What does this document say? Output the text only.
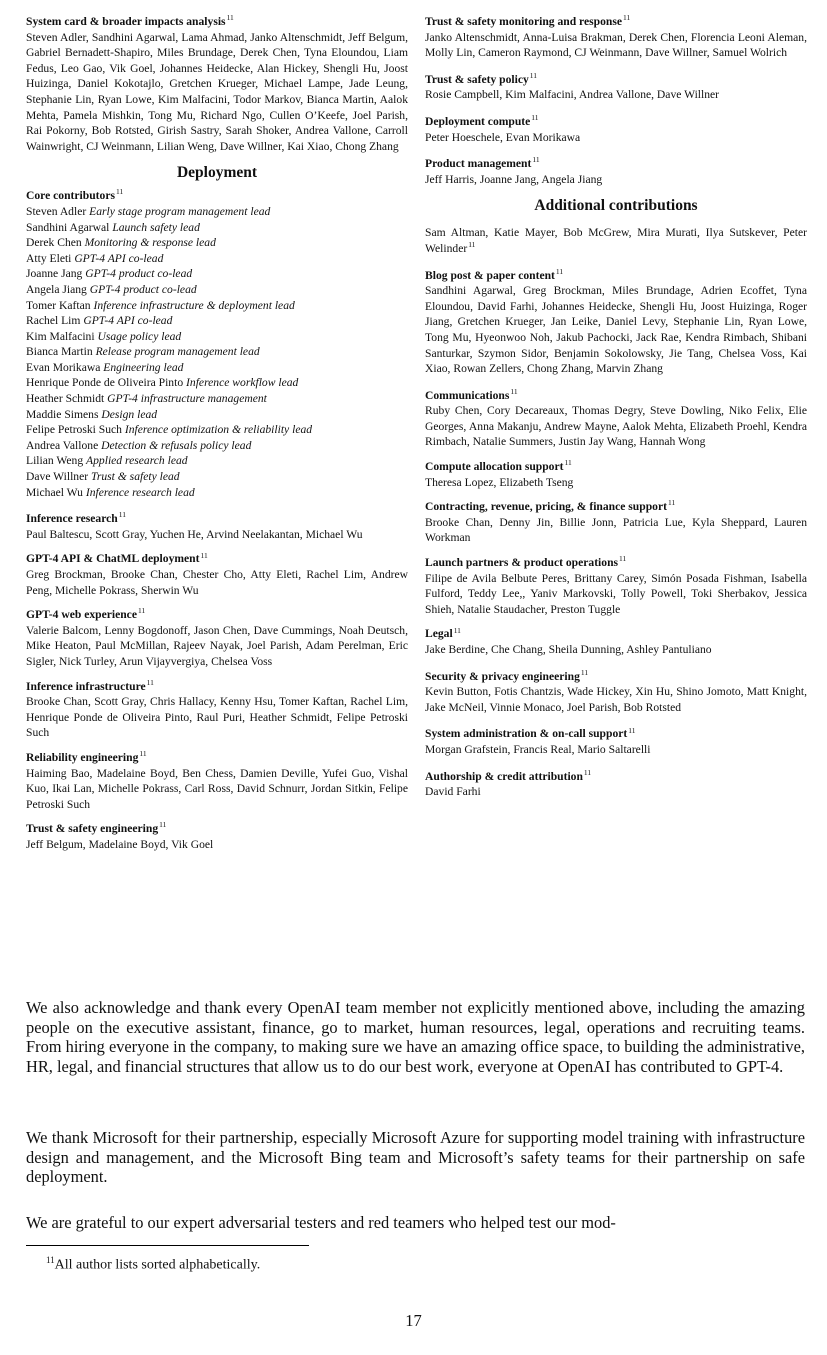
System card & broader impacts analysis$^{11}$
Steven Adler, Sandhini Agarwal, Lama Ahmad, Janko Altenschmidt, Jeff Belgum, Gabriel Bernadett-Shapiro, Miles Brundage, Derek Chen, Tyna Eloundou, Liam Fedus, Leo Gao, Vik Goel, Johannes Heidecke, Alan Hickey, Shengli Hu, Joost Huizinga, Daniel Kokotajlo, Gretchen Krueger, Michael Lampe, Jade Leung, Stephanie Lin, Ryan Lowe, Kim Malfacini, Todor Markov, Bianca Martin, Aalok Mehta, Pamela Mishkin, Tong Mu, Richard Ngo, Cullen O’Keefe, Joel Parish, Rai Pokorny, Bob Rotsted, Girish Sastry, Sarah Shoker, Andrea Vallone, Carroll Wainwright, CJ Weinmann, Lilian Weng, Dave Willner, Kai Xiao, Chong Zhang
Deployment
Core contributors$^{11}$
Steven Adler Early stage program management lead
Sandhini Agarwal Launch safety lead
Derek Chen Monitoring & response lead
Atty Eleti GPT-4 API co-lead
Joanne Jang GPT-4 product co-lead
Angela Jiang GPT-4 product co-lead
Tomer Kaftan Inference infrastructure & deployment lead
Rachel Lim GPT-4 API co-lead
Kim Malfacini Usage policy lead
Bianca Martin Release program management lead
Evan Morikawa Engineering lead
Henrique Ponde de Oliveira Pinto Inference workflow lead
Heather Schmidt GPT-4 infrastructure management
Maddie Simens Design lead
Felipe Petroski Such Inference optimization & reliability lead
Andrea Vallone Detection & refusals policy lead
Lilian Weng Applied research lead
Dave Willner Trust & safety lead
Michael Wu Inference research lead
Inference research$^{11}$
Paul Baltescu, Scott Gray, Yuchen He, Arvind Neelakantan, Michael Wu
GPT-4 API & ChatML deployment$^{11}$
Greg Brockman, Brooke Chan, Chester Cho, Atty Eleti, Rachel Lim, Andrew Peng, Michelle Pokrass, Sherwin Wu
GPT-4 web experience$^{11}$
Valerie Balcom, Lenny Bogdonoff, Jason Chen, Dave Cummings, Noah Deutsch, Mike Heaton, Paul McMillan, Rajeev Nayak, Joel Parish, Adam Perelman, Eric Sigler, Nick Turley, Arun Vijayvergiya, Chelsea Voss
Inference infrastructure$^{11}$
Brooke Chan, Scott Gray, Chris Hallacy, Kenny Hsu, Tomer Kaftan, Rachel Lim, Henrique Ponde de Oliveira Pinto, Raul Puri, Heather Schmidt, Felipe Petroski Such
Reliability engineering$^{11}$
Haiming Bao, Madelaine Boyd, Ben Chess, Damien Deville, Yufei Guo, Vishal Kuo, Ikai Lan, Michelle Pokrass, Carl Ross, David Schnurr, Jordan Sitkin, Felipe Petroski Such
Trust & safety engineering$^{11}$
Jeff Belgum, Madelaine Boyd, Vik Goel
Trust & safety monitoring and response$^{11}$
Janko Altenschmidt, Anna-Luisa Brakman, Derek Chen, Florencia Leoni Aleman, Molly Lin, Cameron Raymond, CJ Weinmann, Dave Willner, Samuel Wolrich
Trust & safety policy$^{11}$
Rosie Campbell, Kim Malfacini, Andrea Vallone, Dave Willner
Deployment compute$^{11}$
Peter Hoeschele, Evan Morikawa
Product management$^{11}$
Jeff Harris, Joanne Jang, Angela Jiang
Additional contributions
Sam Altman, Katie Mayer, Bob McGrew, Mira Murati, Ilya Sutskever, Peter Welinder$^{11}$
Blog post & paper content$^{11}$
Sandhini Agarwal, Greg Brockman, Miles Brundage, Adrien Ecoffet, Tyna Eloundou, David Farhi, Johannes Heidecke, Shengli Hu, Joost Huizinga, Roger Jiang, Gretchen Krueger, Jan Leike, Daniel Levy, Stephanie Lin, Ryan Lowe, Tong Mu, Hyeonwoo Noh, Jakub Pachocki, Jack Rae, Kendra Rimbach, Shibani Santurkar, Szymon Sidor, Benjamin Sokolowsky, Jie Tang, Chelsea Voss, Kai Xiao, Rowan Zellers, Chong Zhang, Marvin Zhang
Communications$^{11}$
Ruby Chen, Cory Decareaux, Thomas Degry, Steve Dowling, Niko Felix, Elie Georges, Anna Makanju, Andrew Mayne, Aalok Mehta, Elizabeth Proehl, Kendra Rimbach, Natalie Summers, Justin Jay Wang, Hannah Wong
Compute allocation support$^{11}$
Theresa Lopez, Elizabeth Tseng
Contracting, revenue, pricing, & finance support$^{11}$
Brooke Chan, Denny Jin, Billie Jonn, Patricia Lue, Kyla Sheppard, Lauren Workman
Launch partners & product operations$^{11}$
Filipe de Avila Belbute Peres, Brittany Carey, Simón Posada Fishman, Isabella Fulford, Teddy Lee,, Yaniv Markovski, Tolly Powell, Toki Sherbakov, Jessica Shieh, Natalie Staudacher, Preston Tuggle
Legal$^{11}$
Jake Berdine, Che Chang, Sheila Dunning, Ashley Pantuliano
Security & privacy engineering$^{11}$
Kevin Button, Fotis Chantzis, Wade Hickey, Xin Hu, Shino Jomoto, Matt Knight, Jake McNeil, Vinnie Monaco, Joel Parish, Bob Rotsted
System administration & on-call support$^{11}$
Morgan Grafstein, Francis Real, Mario Saltarelli
Authorship & credit attribution$^{11}$
David Farhi
We also acknowledge and thank every OpenAI team member not explicitly mentioned above, including the amazing people on the executive assistant, finance, go to market, human resources, legal, operations and recruiting teams. From hiring everyone in the company, to making sure we have an amazing office space, to building the administrative, HR, legal, and financial structures that allow us to do our best work, everyone at OpenAI has contributed to GPT-4.
We thank Microsoft for their partnership, especially Microsoft Azure for supporting model training with infrastructure design and management, and the Microsoft Bing team and Microsoft’s safety teams for their partnership on safe deployment.
We are grateful to our expert adversarial testers and red teamers who helped test our mod-
$^{11}$All author lists sorted alphabetically.
17
